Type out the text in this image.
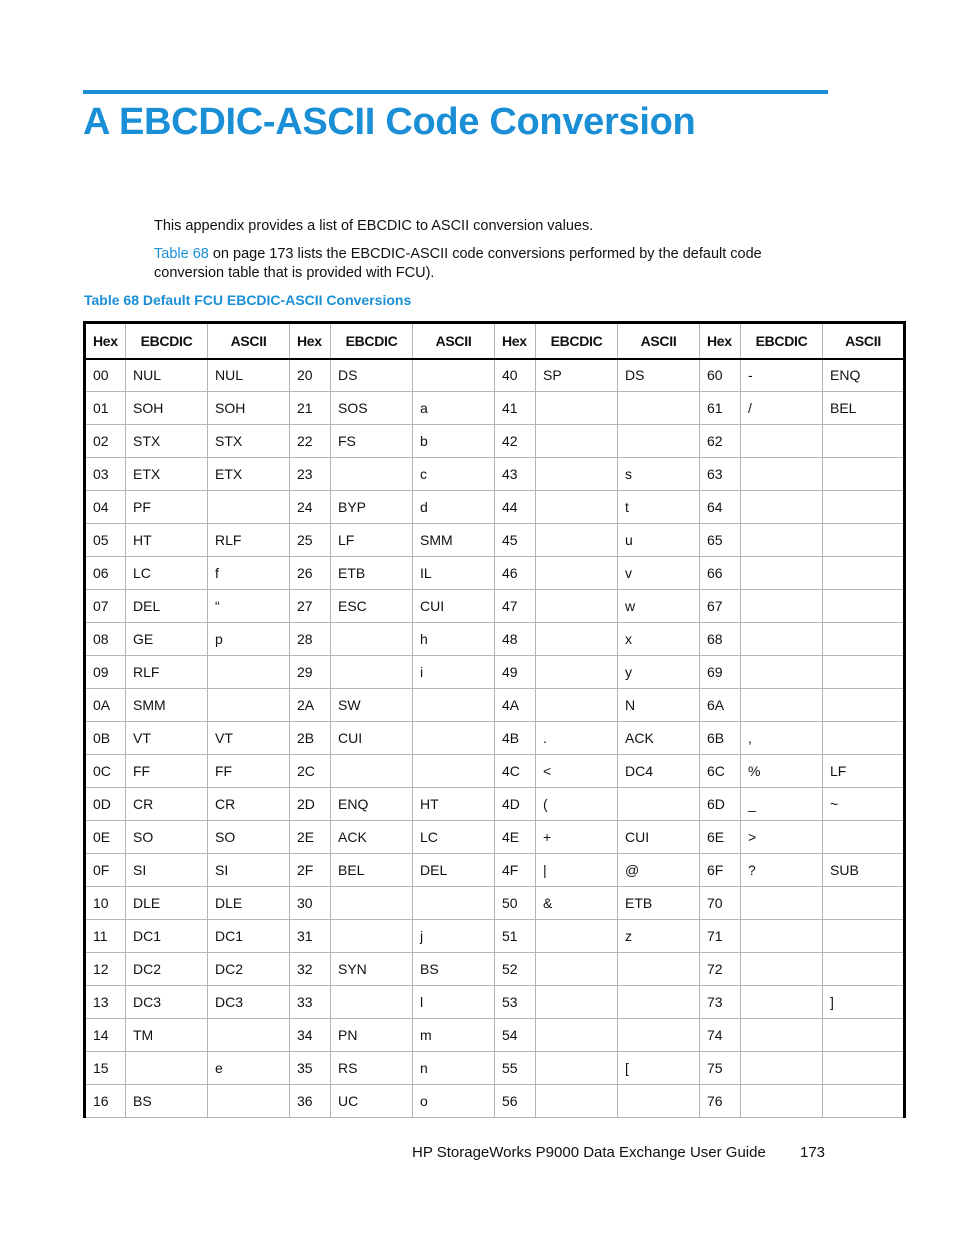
A EBCDIC-ASCII Code Conversion

This appendix provides a list of EBCDIC to ASCII conversion values.

Table 68 on page 173 lists the EBCDIC-ASCII code conversions performed by the default code conversion table that is provided with FCU).

Table 68 Default FCU EBCDIC-ASCII Conversions
Hex	EBCDIC	ASCII	Hex	EBCDIC	ASCII	Hex	EBCDIC	ASCII	Hex	EBCDIC	ASCII
00	NUL	NUL	20	DS		40	SP	DS	60	-	ENQ
01	SOH	SOH	21	SOS	a	41			61	/	BEL
02	STX	STX	22	FS	b	42			62		
03	ETX	ETX	23		c	43		s	63		
04	PF		24	BYP	d	44		t	64		
05	HT	RLF	25	LF	SMM	45		u	65		
06	LC	f	26	ETB	IL	46		v	66		
07	DEL	“	27	ESC	CUI	47		w	67		
08	GE	p	28		h	48		x	68		
09	RLF		29		i	49		y	69		
0A	SMM		2A	SW		4A		N	6A		
0B	VT	VT	2B	CUI		4B	.	ACK	6B	,	
0C	FF	FF	2C			4C	<	DC4	6C	%	LF
0D	CR	CR	2D	ENQ	HT	4D	(		6D	_	~
0E	SO	SO	2E	ACK	LC	4E	+	CUI	6E	>	
0F	SI	SI	2F	BEL	DEL	4F	|	@	6F	?	SUB
10	DLE	DLE	30			50	&	ETB	70		
11	DC1	DC1	31		j	51		z	71		
12	DC2	DC2	32	SYN	BS	52			72		
13	DC3	DC3	33		l	53			73		]
14	TM		34	PN	m	54			74		
15		e	35	RS	n	55		[	75		
16	BS		36	UC	o	56			76		
HP StorageWorks P9000 Data Exchange User Guide 173
